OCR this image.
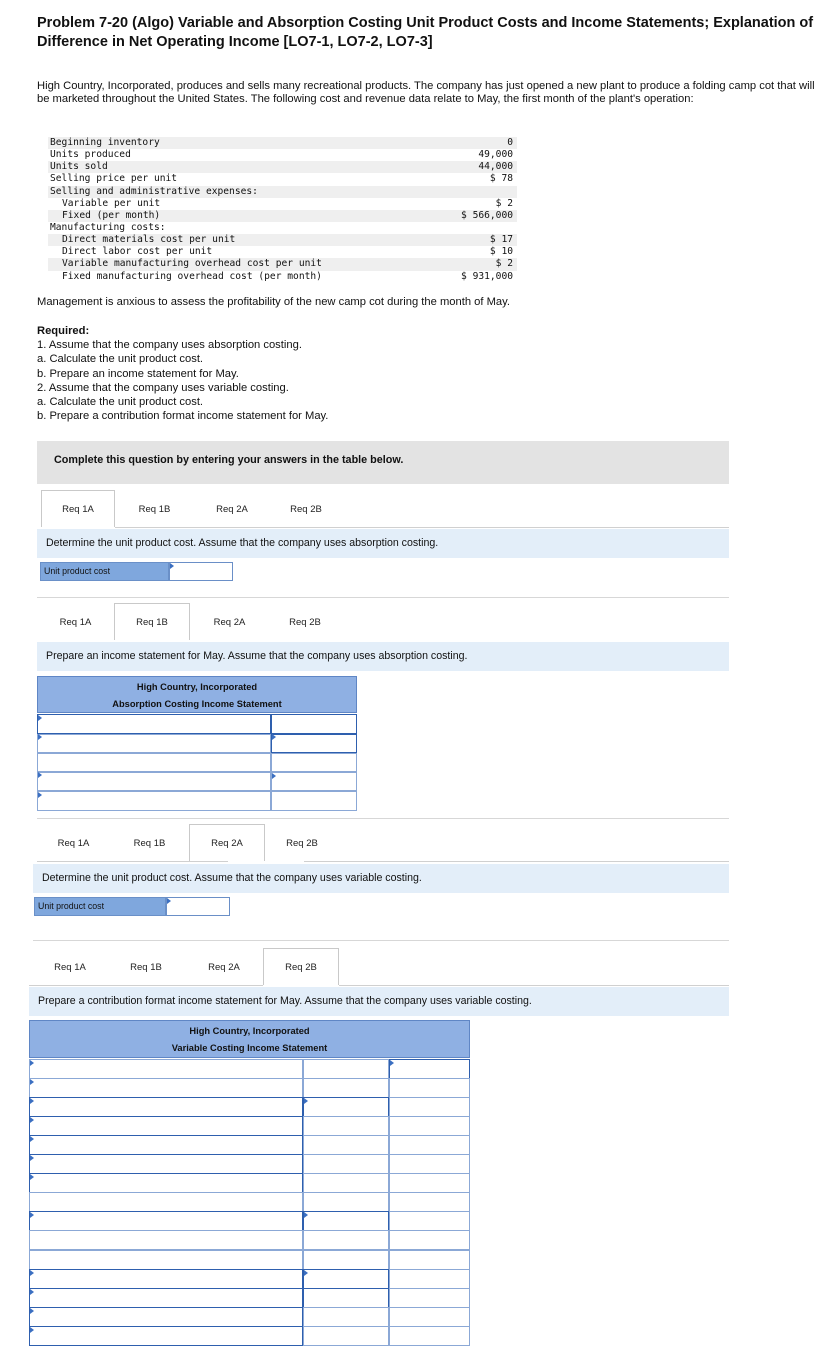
Problem 7-20 (Algo) Variable and Absorption Costing Unit Product Costs and Income Statements; Explanation of Difference in Net Operating Income [LO7-1, LO7-2, LO7-3]

High Country, Incorporated, produces and sells many recreational products. The company has just opened a new plant to produce a folding camp cot that will be marketed throughout the United States. The following cost and revenue data relate to May, the first month of the plant's operation:

Beginning inventory	0
Units produced	49,000
Units sold	44,000
Selling price per unit	$ 78
Selling and administrative expenses:
Variable per unit	$ 2
Fixed (per month)	$ 566,000
Manufacturing costs:
Direct materials cost per unit	$ 17
Direct labor cost per unit	$ 10
Variable manufacturing overhead cost per unit	$ 2
Fixed manufacturing overhead cost (per month)	$ 931,000

Management is anxious to assess the profitability of the new camp cot during the month of May.

Required:
1. Assume that the company uses absorption costing.
a. Calculate the unit product cost.
b. Prepare an income statement for May.
2. Assume that the company uses variable costing.
a. Calculate the unit product cost.
b. Prepare a contribution format income statement for May.
Complete this question by entering your answers in the table below.
Req 1A	Req 1B	Req 2A	Req 2B
Determine the unit product cost. Assume that the company uses absorption costing.
Unit product cost
Req 1A	Req 1B	Req 2A	Req 2B
Prepare an income statement for May. Assume that the company uses absorption costing.
High Country, Incorporated
Absorption Costing Income Statement
Req 1A	Req 1B	Req 2A	Req 2B
Determine the unit product cost. Assume that the company uses variable costing.
Unit product cost
Req 1A	Req 1B	Req 2A	Req 2B
Prepare a contribution format income statement for May. Assume that the company uses variable costing.
High Country, Incorporated
Variable Costing Income Statement
